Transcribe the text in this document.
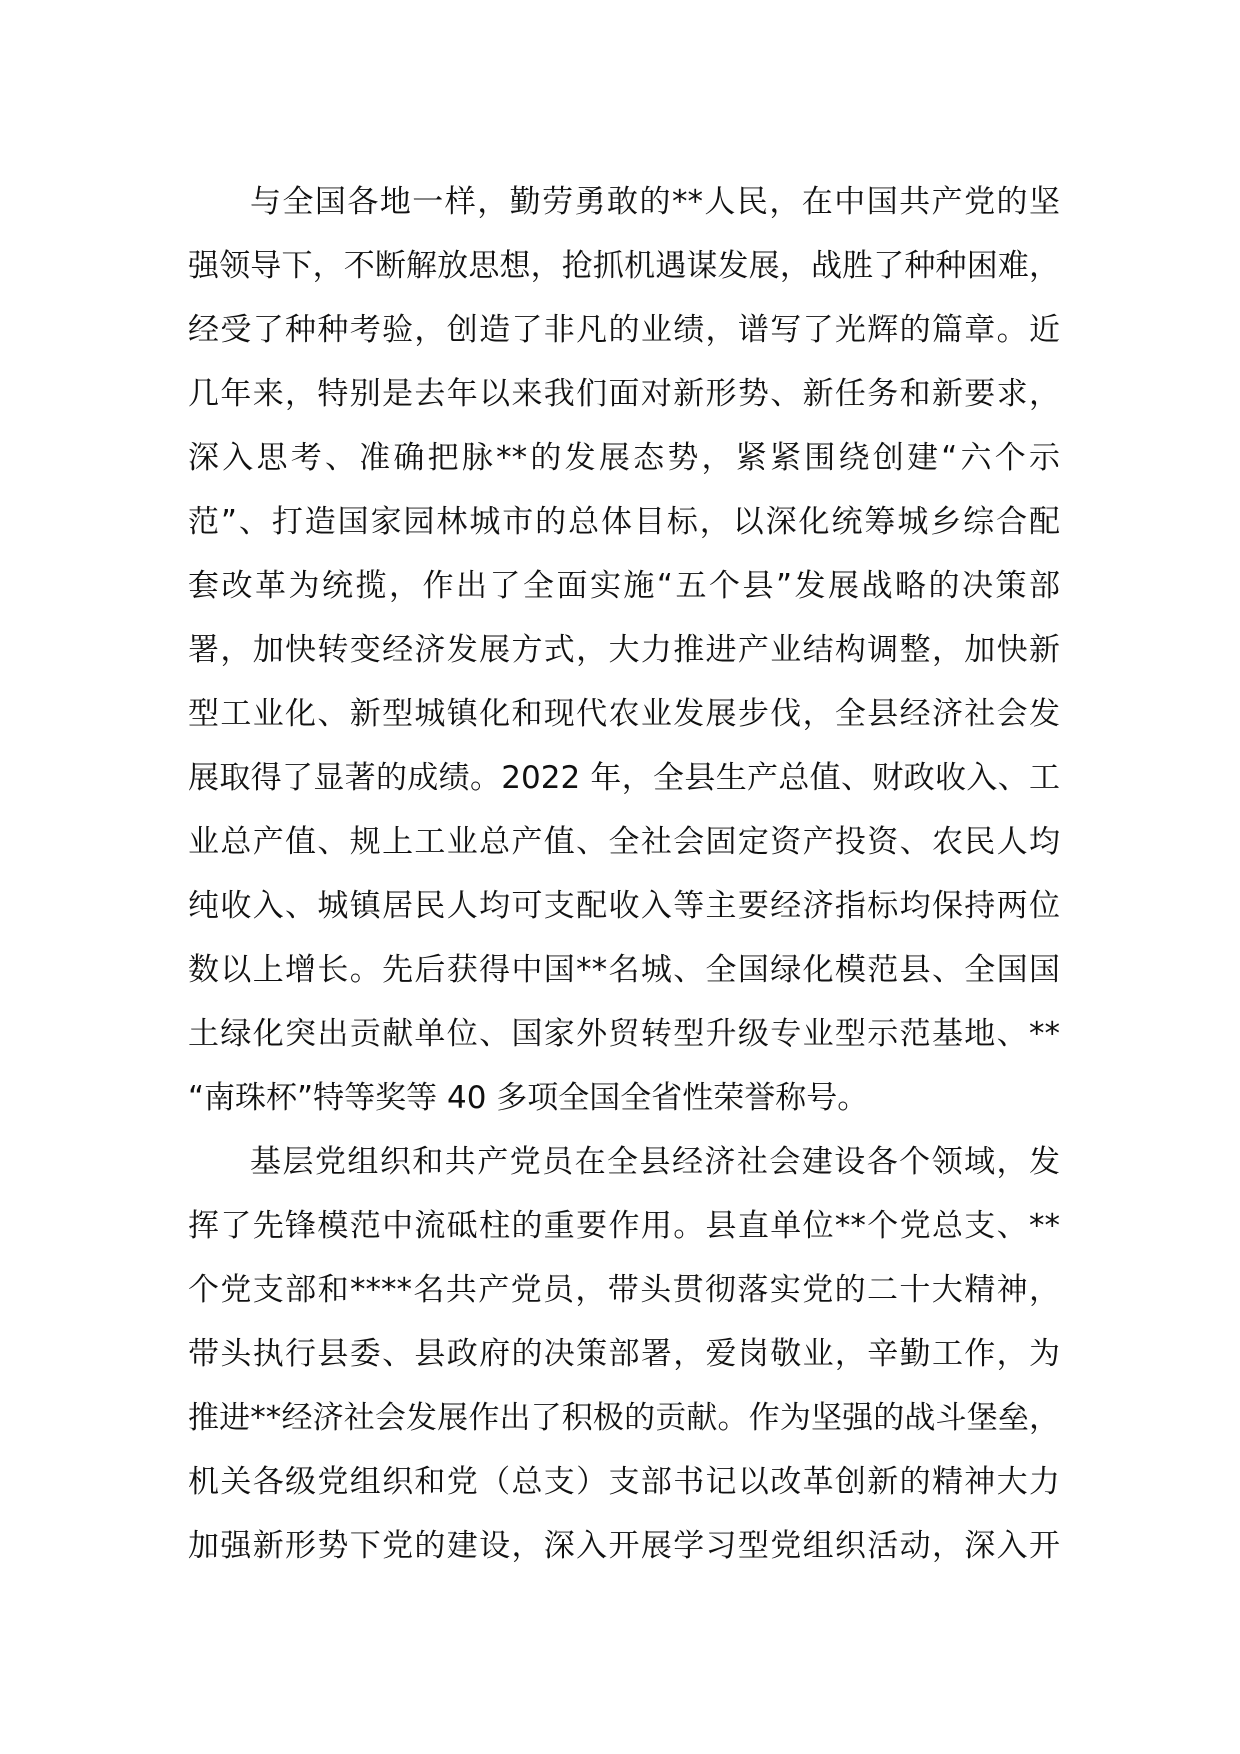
与全国各地一样，勤劳勇敢的**人民，在中国共产党的坚
强领导下，不断解放思想，抢抓机遇谋发展，战胜了种种困难，
经受了种种考验，创造了非凡的业绩，谱写了光辉的篇章。近
几年来，特别是去年以来我们面对新形势、新任务和新要求，
深入思考、准确把脉**的发展态势，紧紧围绕创建“六个示
范”、打造国家园林城市的总体目标，以深化统筹城乡综合配
套改革为统揽，作出了全面实施“五个县”发展战略的决策部
署，加快转变经济发展方式，大力推进产业结构调整，加快新
型工业化、新型城镇化和现代农业发展步伐，全县经济社会发
展取得了显著的成绩。2022 年，全县生产总值、财政收入、工
业总产值、规上工业总产值、全社会固定资产投资、农民人均
纯收入、城镇居民人均可支配收入等主要经济指标均保持两位
数以上增长。先后获得中国**名城、全国绿化模范县、全国国
土绿化突出贡献单位、国家外贸转型升级专业型示范基地、**
“南珠杯”特等奖等 40 多项全国全省性荣誉称号。
基层党组织和共产党员在全县经济社会建设各个领域，发
挥了先锋模范中流砥柱的重要作用。县直单位**个党总支、**
个党支部和****名共产党员，带头贯彻落实党的二十大精神，
带头执行县委、县政府的决策部署，爱岗敬业，辛勤工作，为
推进**经济社会发展作出了积极的贡献。作为坚强的战斗堡垒，
机关各级党组织和党（总支）支部书记以改革创新的精神大力
加强新形势下党的建设，深入开展学习型党组织活动，深入开
